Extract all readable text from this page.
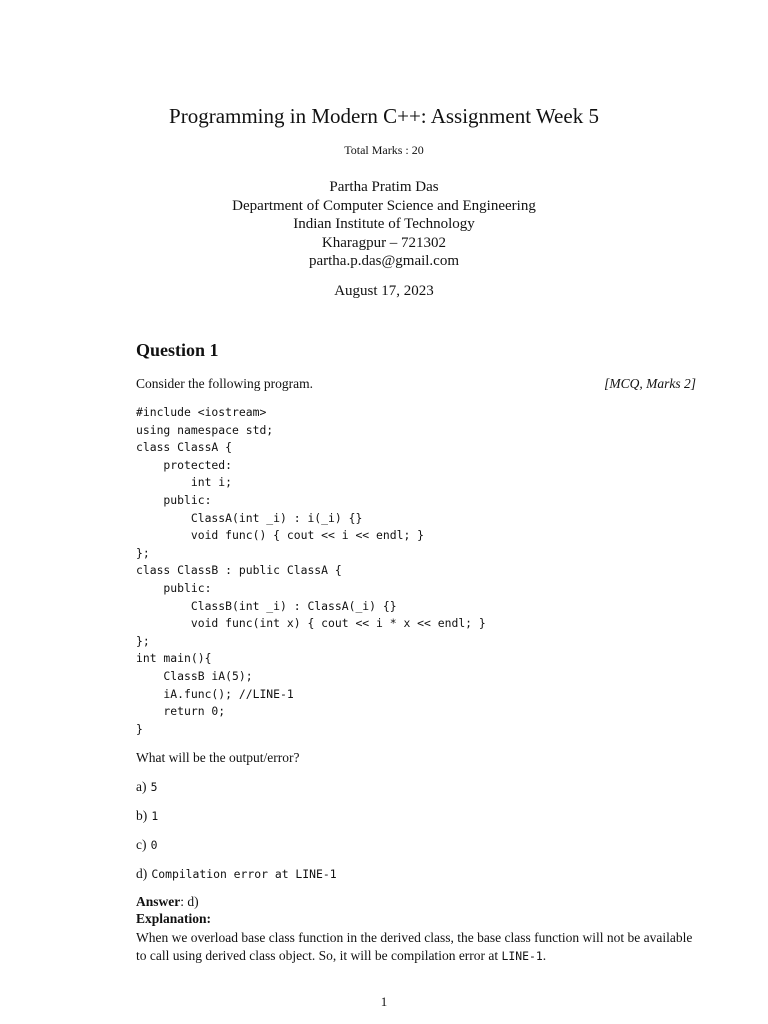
Programming in Modern C++: Assignment Week 5
Total Marks : 20
Partha Pratim Das
Department of Computer Science and Engineering
Indian Institute of Technology
Kharagpur – 721302
partha.p.das@gmail.com
August 17, 2023
Question 1
Consider the following program.	[MCQ, Marks 2]
#include <iostream>
using namespace std;
class ClassA {
protected:
int i;
public:
ClassA(int _i) : i(_i) {}
void func() { cout << i << endl; }
};
class ClassB : public ClassA {
public:
ClassB(int _i) : ClassA(_i) {}
void func(int x) { cout << i * x << endl; }
};
int main(){
ClassB iA(5);
iA.func(); //LINE-1
return 0;
}
What will be the output/error?
a) 5
b) 1
c) 0
d) Compilation error at LINE-1
Answer: d)
Explanation:
When we overload base class function in the derived class, the base class function will not be available to call using derived class object. So, it will be compilation error at LINE-1.
1
